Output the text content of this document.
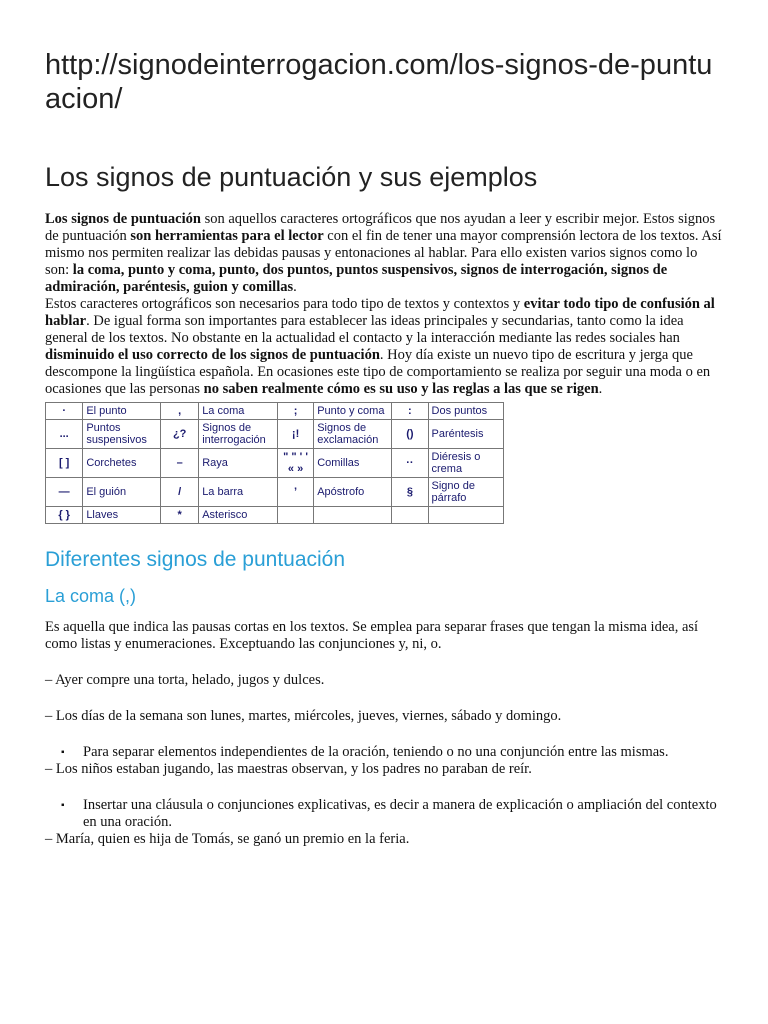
http://signodeinterrogacion.com/los-signos-de-puntuacion/

Los signos de puntuación y sus ejemplos

Los signos de puntuación son aquellos caracteres ortográficos que nos ayudan a leer y escribir mejor. Estos signos de puntuación son herramientas para el lector con el fin de tener una mayor comprensión lectora de los textos. Así mismo nos permiten realizar las debidas pausas y entonaciones al hablar. Para ello existen varios signos como lo son: la coma, punto y coma, punto, dos puntos, puntos suspensivos, signos de interrogación, signos de admiración, paréntesis, guion y comillas.

Estos caracteres ortográficos son necesarios para todo tipo de textos y contextos y evitar todo tipo de confusión al hablar. De igual forma son importantes para establecer las ideas principales y secundarias, tanto como la idea general de los textos. No obstante en la actualidad el contacto y la interacción mediante las redes sociales han disminuido el uso correcto de los signos de puntuación. Hoy día existe un nuevo tipo de escritura y jerga que descompone la lingüística española. En ocasiones este tipo de comportamiento se realiza por seguir una moda o en ocasiones que las personas no saben realmente cómo es su uso y las reglas a las que se rigen.

·	El punto	,	La coma	;	Punto y coma	:	Dos puntos
...	Puntos suspensivos	¿?	Signos de interrogación	¡!	Signos de exclamación	()	Paréntesis
[ ]	Corchetes	–	Raya	" " ' ' « »	Comillas	··	Diéresis o crema
—	El guión	/	La barra	’	Apóstrofo	§	Signo de párrafo
{ }	Llaves	*	Asterisco				
Diferentes signos de puntuación
La coma (,)

Es aquella que indica las pausas cortas en los textos. Se emplea para separar frases que tengan la misma idea, así como listas y enumeraciones. Exceptuando las conjunciones y, ni, o.

– Ayer compre una torta, helado, jugos y dulces.

– Los días de la semana son lunes, martes, miércoles, jueves, viernes, sábado y domingo.

▪ Para separar elementos independientes de la oración, teniendo o no una conjunción entre las mismas.

– Los niños estaban jugando, las maestras observan, y los padres no paraban de reír.

▪ Insertar una cláusula o conjunciones explicativas, es decir a manera de explicación o ampliación del contexto en una oración.

– María, quien es hija de Tomás, se ganó un premio en la feria.
